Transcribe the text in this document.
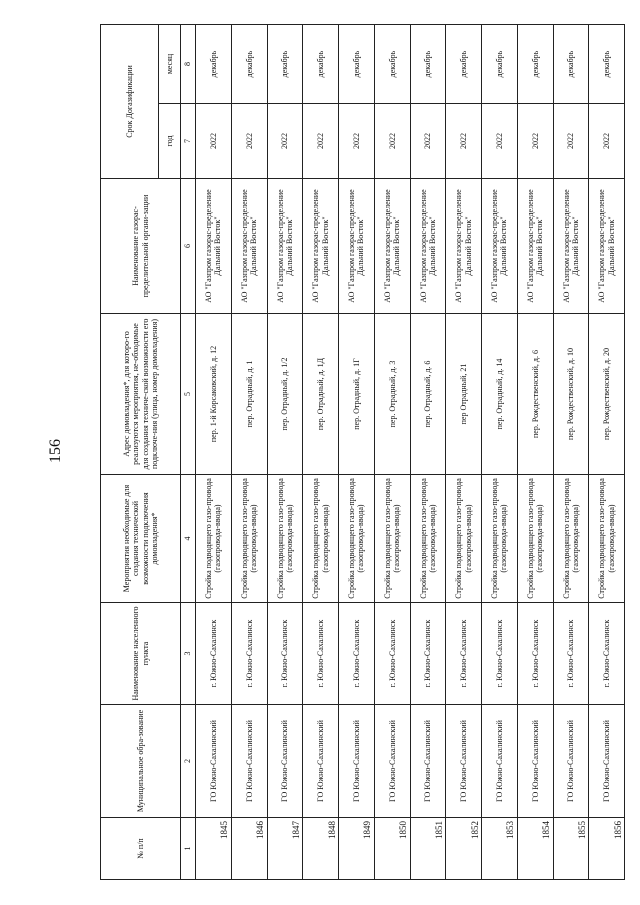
156
№ п/п	Муниципальное обра-зование	Наименование населенного пункта	Мероприятия необходимые для создания технической возможности подключения домовладения*	Адрес домовладения*, для которо-го реализуются мероприятия, не-обходимые для создания техниче-ской возможности его подключе-ния (улица, номер домовладения)	Наименование газорас-пределительной органи-зации	Срок Догазификации	
						год	месяц
1	2	3	4	5	6	7	8
1845	ГО Южно-Сахалинский	г. Южно-Сахалинск	Стройка подводящего газо-провода (газопровода-ввода)	пер. 1-й Корсаковский, д. 12	АО "Газпром газорас-пределение Дальний Восток"	2022	декабрь
1846	ГО Южно-Сахалинский	г. Южно-Сахалинск	Стройка подводящего газо-провода (газопровода-ввода)	пер. Отрадный, д. 1	АО "Газпром газорас-пределение Дальний Восток"	2022	декабрь
1847	ГО Южно-Сахалинский	г. Южно-Сахалинск	Стройка подводящего газо-провода (газопровода-ввода)	пер. Отрадный, д. 1/2	АО "Газпром газорас-пределение Дальний Восток"	2022	декабрь
1848	ГО Южно-Сахалинский	г. Южно-Сахалинск	Стройка подводящего газо-провода (газопровода-ввода)	пер. Отрадный, д. 1Д	АО "Газпром газорас-пределение Дальний Восток"	2022	декабрь
1849	ГО Южно-Сахалинский	г. Южно-Сахалинск	Стройка подводящего газо-провода (газопровода-ввода)	пер. Отрадный, д. 1Г	АО "Газпром газорас-пределение Дальний Восток"	2022	декабрь
1850	ГО Южно-Сахалинский	г. Южно-Сахалинск	Стройка подводящего газо-провода (газопровода-ввода)	пер. Отрадный, д. 3	АО "Газпром газорас-пределение Дальний Восток"	2022	декабрь
1851	ГО Южно-Сахалинский	г. Южно-Сахалинск	Стройка подводящего газо-провода (газопровода-ввода)	пер. Отрадный, д. 6	АО "Газпром газорас-пределение Дальний Восток"	2022	декабрь
1852	ГО Южно-Сахалинский	г. Южно-Сахалинск	Стройка подводящего газо-провода (газопровода-ввода)	пер Отрадный, 21	АО "Газпром газорас-пределение Дальний Восток"	2022	декабрь
1853	ГО Южно-Сахалинский	г. Южно-Сахалинск	Стройка подводящего газо-провода (газопровода-ввода)	пер. Отрадный, д. 14	АО "Газпром газорас-пределение Дальний Восток"	2022	декабрь
1854	ГО Южно-Сахалинский	г. Южно-Сахалинск	Стройка подводящего газо-провода (газопровода-ввода)	пер. Рождественский, д. 6	АО "Газпром газорас-пределение Дальний Восток"	2022	декабрь
1855	ГО Южно-Сахалинский	г. Южно-Сахалинск	Стройка подводящего газо-провода (газопровода-ввода)	пер. Рождественский, д. 10	АО "Газпром газорас-пределение Дальний Восток"	2022	декабрь
1856	ГО Южно-Сахалинский	г. Южно-Сахалинск	Стройка подводящего газо-провода (газопровода-ввода)	пер. Рождественский, д. 20	АО "Газпром газорас-пределение Дальний Восток"	2022	декабрь
